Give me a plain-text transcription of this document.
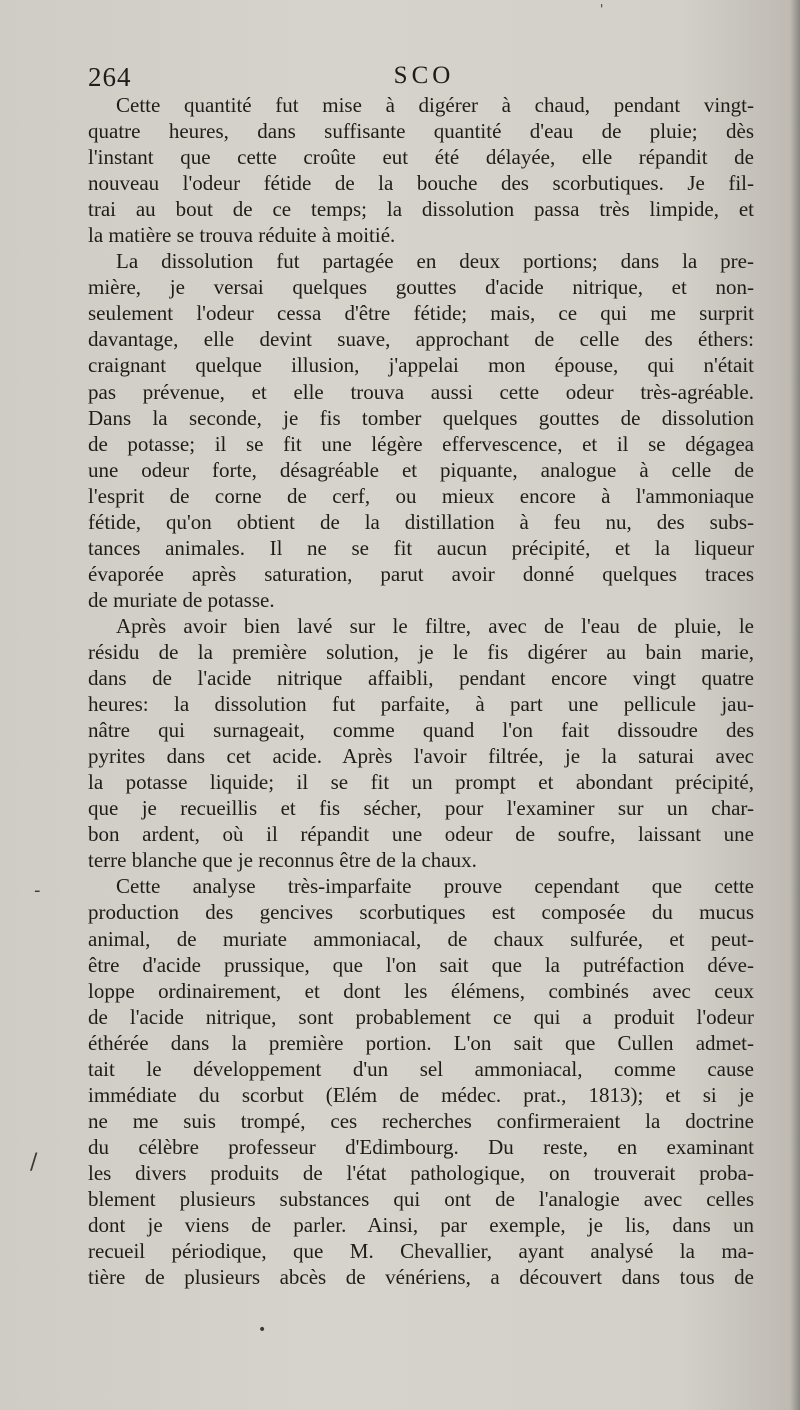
264	SCO
Cette quantité fut mise à digérer à chaud, pendant vingt-
quatre heures, dans suffisante quantité d'eau de pluie; dès
l'instant que cette croûte eut été délayée, elle répandit de
nouveau l'odeur fétide de la bouche des scorbutiques. Je fil-
trai au bout de ce temps; la dissolution passa très limpide, et
la matière se trouva réduite à moitié.
La dissolution fut partagée en deux portions; dans la pre-
mière, je versai quelques gouttes d'acide nitrique, et non-
seulement l'odeur cessa d'être fétide; mais, ce qui me surprit
davantage, elle devint suave, approchant de celle des éthers:
craignant quelque illusion, j'appelai mon épouse, qui n'était
pas prévenue, et elle trouva aussi cette odeur très-agréable.
Dans la seconde, je fis tomber quelques gouttes de dissolution
de potasse; il se fit une légère effervescence, et il se dégagea
une odeur forte, désagréable et piquante, analogue à celle de
l'esprit de corne de cerf, ou mieux encore à l'ammoniaque
fétide, qu'on obtient de la distillation à feu nu, des subs-
tances animales. Il ne se fit aucun précipité, et la liqueur
évaporée après saturation, parut avoir donné quelques traces
de muriate de potasse.
Après avoir bien lavé sur le filtre, avec de l'eau de pluie, le
résidu de la première solution, je le fis digérer au bain marie,
dans de l'acide nitrique affaibli, pendant encore vingt quatre
heures: la dissolution fut parfaite, à part une pellicule jau-
nâtre qui surnageait, comme quand l'on fait dissoudre des
pyrites dans cet acide. Après l'avoir filtrée, je la saturai avec
la potasse liquide; il se fit un prompt et abondant précipité,
que je recueillis et fis sécher, pour l'examiner sur un char-
bon ardent, où il répandit une odeur de soufre, laissant une
terre blanche que je reconnus être de la chaux.
Cette analyse très-imparfaite prouve cependant que cette
production des gencives scorbutiques est composée du mucus
animal, de muriate ammoniacal, de chaux sulfurée, et peut-
être d'acide prussique, que l'on sait que la putréfaction déve-
loppe ordinairement, et dont les élémens, combinés avec ceux
de l'acide nitrique, sont probablement ce qui a produit l'odeur
éthérée dans la première portion. L'on sait que Cullen admet-
tait le développement d'un sel ammoniacal, comme cause
immédiate du scorbut (Elém de médec. prat., 1813); et si je
ne me suis trompé, ces recherches confirmeraient la doctrine
du célèbre professeur d'Edimbourg. Du reste, en examinant
les divers produits de l'état pathologique, on trouverait proba-
blement plusieurs substances qui ont de l'analogie avec celles
dont je viens de parler. Ainsi, par exemple, je lis, dans un
recueil périodique, que M. Chevallier, ayant analysé la ma-
tière de plusieurs abcès de vénériens, a découvert dans tous de
'
/
-
•
